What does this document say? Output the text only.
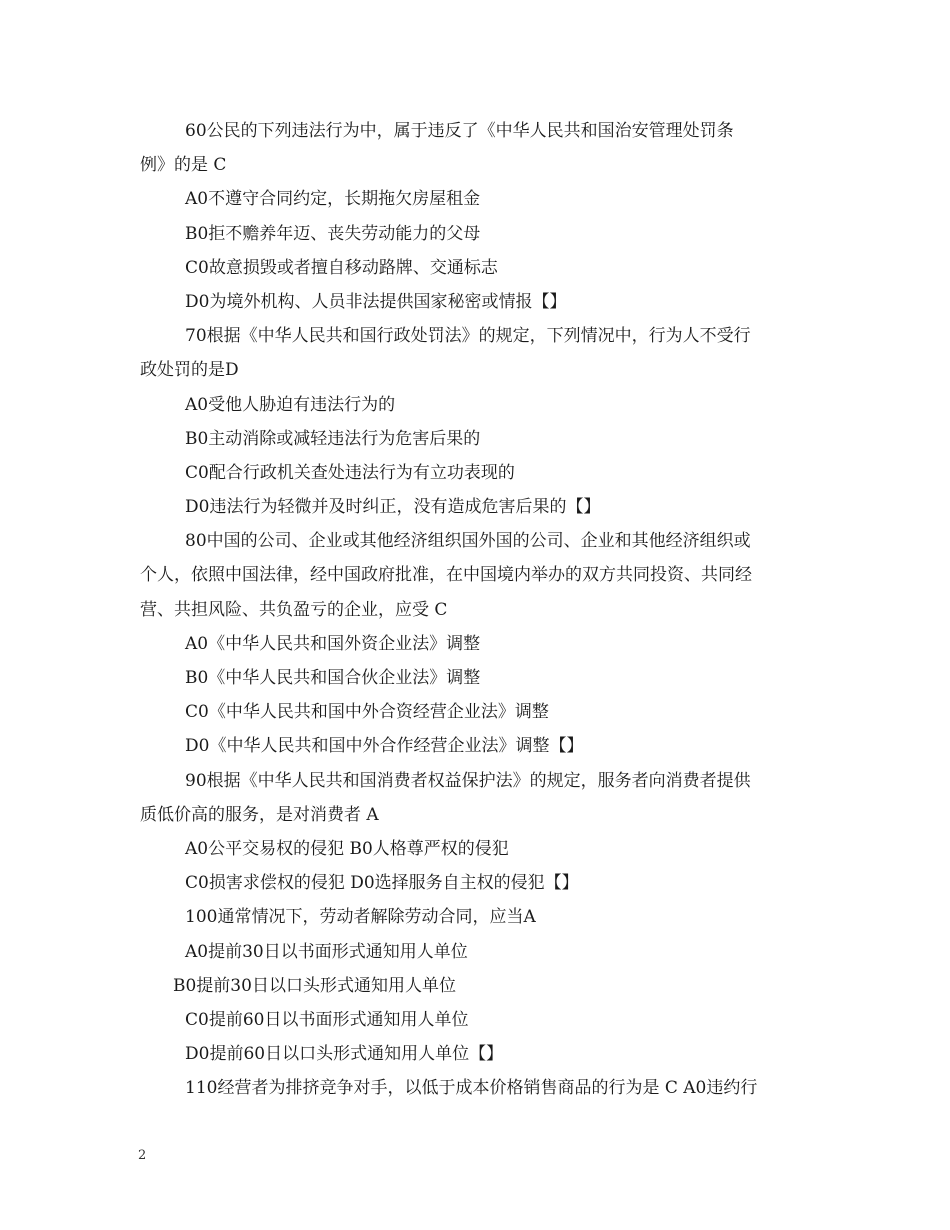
60公民的下列违法行为中，属于违反了《中华人民共和国治安管理处罚条
例》的是 C
A0不遵守合同约定，长期拖欠房屋租金
B0拒不赡养年迈、丧失劳动能力的父母
C0故意损毁或者擅自移动路牌、交通标志
D0为境外机构、人员非法提供国家秘密或情报【】
70根据《中华人民共和国行政处罚法》的规定，下列情况中，行为人不受行
政处罚的是D
A0受他人胁迫有违法行为的
B0主动消除或减轻违法行为危害后果的
C0配合行政机关查处违法行为有立功表现的
D0违法行为轻微并及时纠正，没有造成危害后果的【】
80中国的公司、企业或其他经济组织国外国的公司、企业和其他经济组织或
个人，依照中国法律，经中国政府批准，在中国境内举办的双方共同投资、共同经
营、共担风险、共负盈亏的企业，应受 C
A0《中华人民共和国外资企业法》调整
B0《中华人民共和国合伙企业法》调整
C0《中华人民共和国中外合资经营企业法》调整
D0《中华人民共和国中外合作经营企业法》调整【】
90根据《中华人民共和国消费者权益保护法》的规定，服务者向消费者提供
质低价高的服务，是对消费者 A
A0公平交易权的侵犯 B0人格尊严权的侵犯
C0损害求偿权的侵犯 D0选择服务自主权的侵犯【】
100通常情况下，劳动者解除劳动合同，应当A
A0提前30日以书面形式通知用人单位
B0提前30日以口头形式通知用人单位
C0提前60日以书面形式通知用人单位
D0提前60日以口头形式通知用人单位【】
110经营者为排挤竞争对手，以低于成本价格销售商品的行为是 C A0违约行
2
